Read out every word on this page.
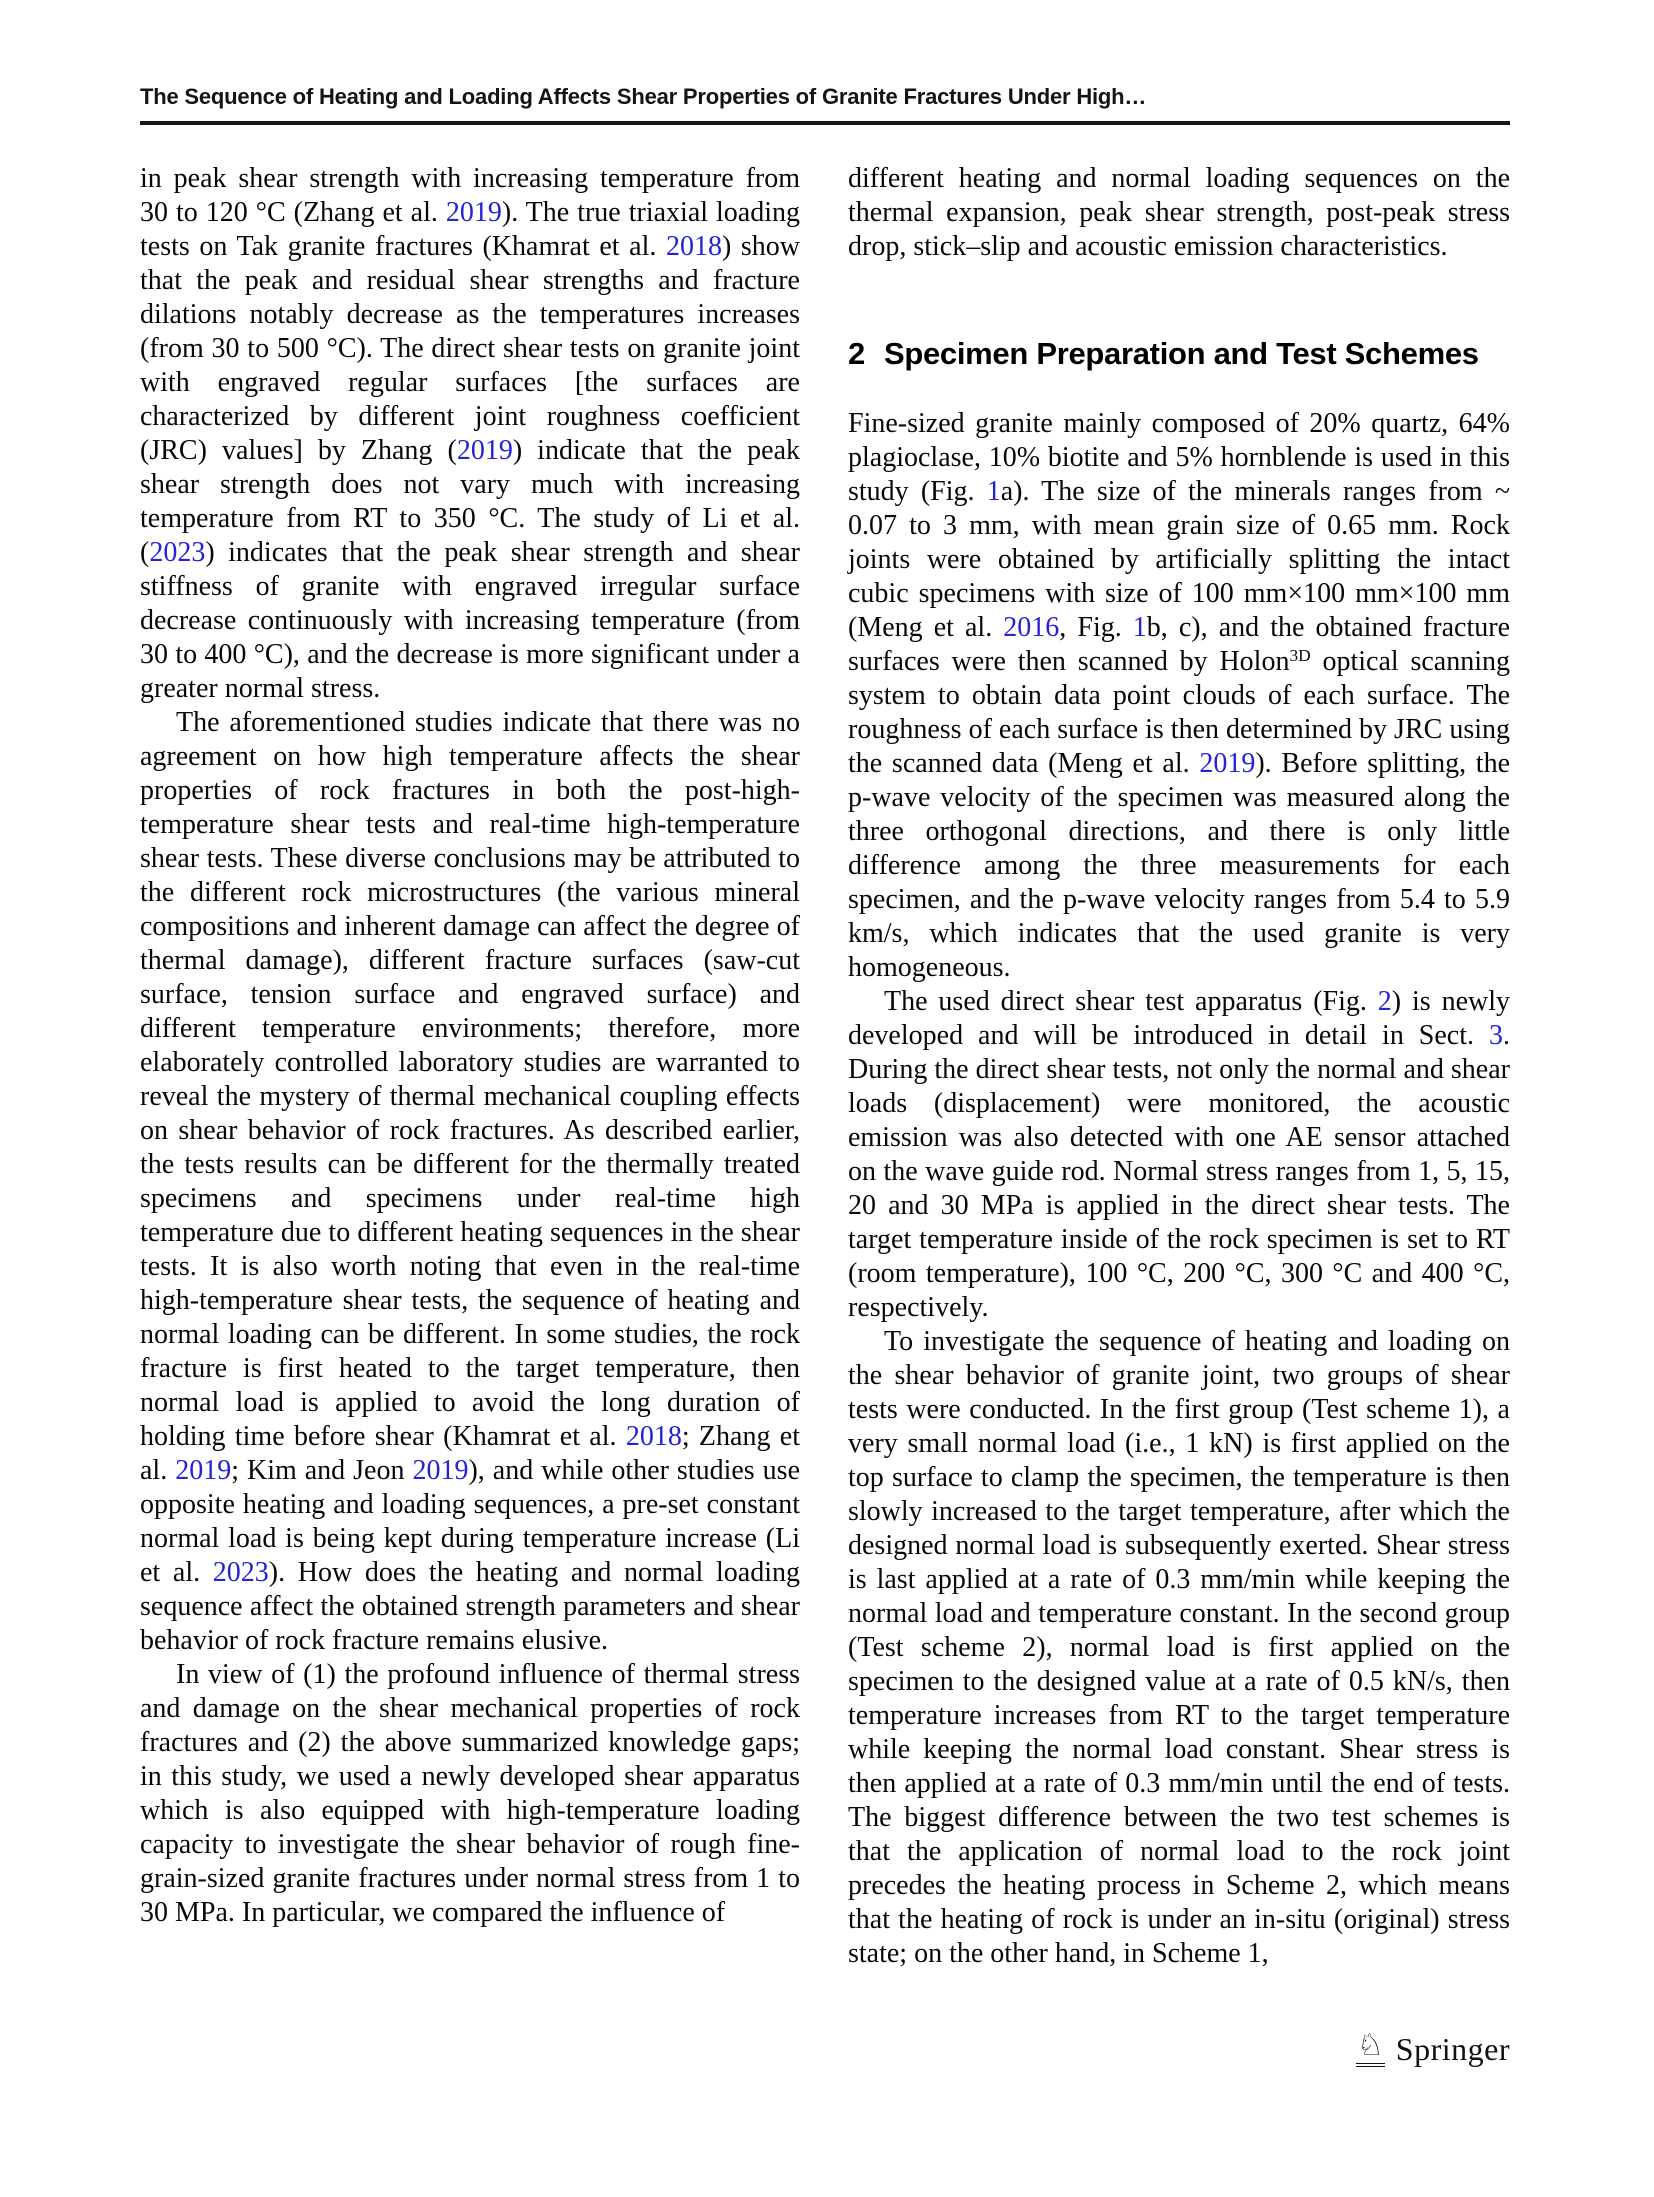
The Sequence of Heating and Loading Affects Shear Properties of Granite Fractures Under High…

in peak shear strength with increasing temperature from 30 to 120 °C (Zhang et al. 2019). The true triaxial loading tests on Tak granite fractures (Khamrat et al. 2018) show that the peak and residual shear strengths and fracture dilations notably decrease as the temperatures increases (from 30 to 500 °C). The direct shear tests on granite joint with engraved regular surfaces [the surfaces are characterized by different joint roughness coefficient (JRC) values] by Zhang (2019) indicate that the peak shear strength does not vary much with increasing temperature from RT to 350 °C. The study of Li et al. (2023) indicates that the peak shear strength and shear stiffness of granite with engraved irregular surface decrease continuously with increasing temperature (from 30 to 400 °C), and the decrease is more significant under a greater normal stress.

The aforementioned studies indicate that there was no agreement on how high temperature affects the shear properties of rock fractures in both the post-high-temperature shear tests and real-time high-temperature shear tests. These diverse conclusions may be attributed to the different rock microstructures (the various mineral compositions and inherent damage can affect the degree of thermal damage), different fracture surfaces (saw-cut surface, tension surface and engraved surface) and different temperature environments; therefore, more elaborately controlled laboratory studies are warranted to reveal the mystery of thermal mechanical coupling effects on shear behavior of rock fractures. As described earlier, the tests results can be different for the thermally treated specimens and specimens under real-time high temperature due to different heating sequences in the shear tests. It is also worth noting that even in the real-time high-temperature shear tests, the sequence of heating and normal loading can be different. In some studies, the rock fracture is first heated to the target temperature, then normal load is applied to avoid the long duration of holding time before shear (Khamrat et al. 2018; Zhang et al. 2019; Kim and Jeon 2019), and while other studies use opposite heating and loading sequences, a pre-set constant normal load is being kept during temperature increase (Li et al. 2023). How does the heating and normal loading sequence affect the obtained strength parameters and shear behavior of rock fracture remains elusive.

In view of (1) the profound influence of thermal stress and damage on the shear mechanical properties of rock fractures and (2) the above summarized knowledge gaps; in this study, we used a newly developed shear apparatus which is also equipped with high-temperature loading capacity to investigate the shear behavior of rough fine-grain-sized granite fractures under normal stress from 1 to 30 MPa. In particular, we compared the influence of

different heating and normal loading sequences on the thermal expansion, peak shear strength, post-peak stress drop, stick–slip and acoustic emission characteristics.

2 Specimen Preparation and Test Schemes

Fine-sized granite mainly composed of 20% quartz, 64% plagioclase, 10% biotite and 5% hornblende is used in this study (Fig. 1a). The size of the minerals ranges from ~ 0.07 to 3 mm, with mean grain size of 0.65 mm. Rock joints were obtained by artificially splitting the intact cubic specimens with size of 100 mm×100 mm×100 mm (Meng et al. 2016, Fig. 1b, c), and the obtained fracture surfaces were then scanned by Holon$^{3D}$ optical scanning system to obtain data point clouds of each surface. The roughness of each surface is then determined by JRC using the scanned data (Meng et al. 2019). Before splitting, the p-wave velocity of the specimen was measured along the three orthogonal directions, and there is only little difference among the three measurements for each specimen, and the p-wave velocity ranges from 5.4 to 5.9 km/s, which indicates that the used granite is very homogeneous.

The used direct shear test apparatus (Fig. 2) is newly developed and will be introduced in detail in Sect. 3. During the direct shear tests, not only the normal and shear loads (displacement) were monitored, the acoustic emission was also detected with one AE sensor attached on the wave guide rod. Normal stress ranges from 1, 5, 15, 20 and 30 MPa is applied in the direct shear tests. The target temperature inside of the rock specimen is set to RT (room temperature), 100 °C, 200 °C, 300 °C and 400 °C, respectively.

To investigate the sequence of heating and loading on the shear behavior of granite joint, two groups of shear tests were conducted. In the first group (Test scheme 1), a very small normal load (i.e., 1 kN) is first applied on the top surface to clamp the specimen, the temperature is then slowly increased to the target temperature, after which the designed normal load is subsequently exerted. Shear stress is last applied at a rate of 0.3 mm/min while keeping the normal load and temperature constant. In the second group (Test scheme 2), normal load is first applied on the specimen to the designed value at a rate of 0.5 kN/s, then temperature increases from RT to the target temperature while keeping the normal load constant. Shear stress is then applied at a rate of 0.3 mm/min until the end of tests. The biggest difference between the two test schemes is that the application of normal load to the rock joint precedes the heating process in Scheme 2, which means that the heating of rock is under an in-situ (original) stress state; on the other hand, in Scheme 1,

♘ Springer
